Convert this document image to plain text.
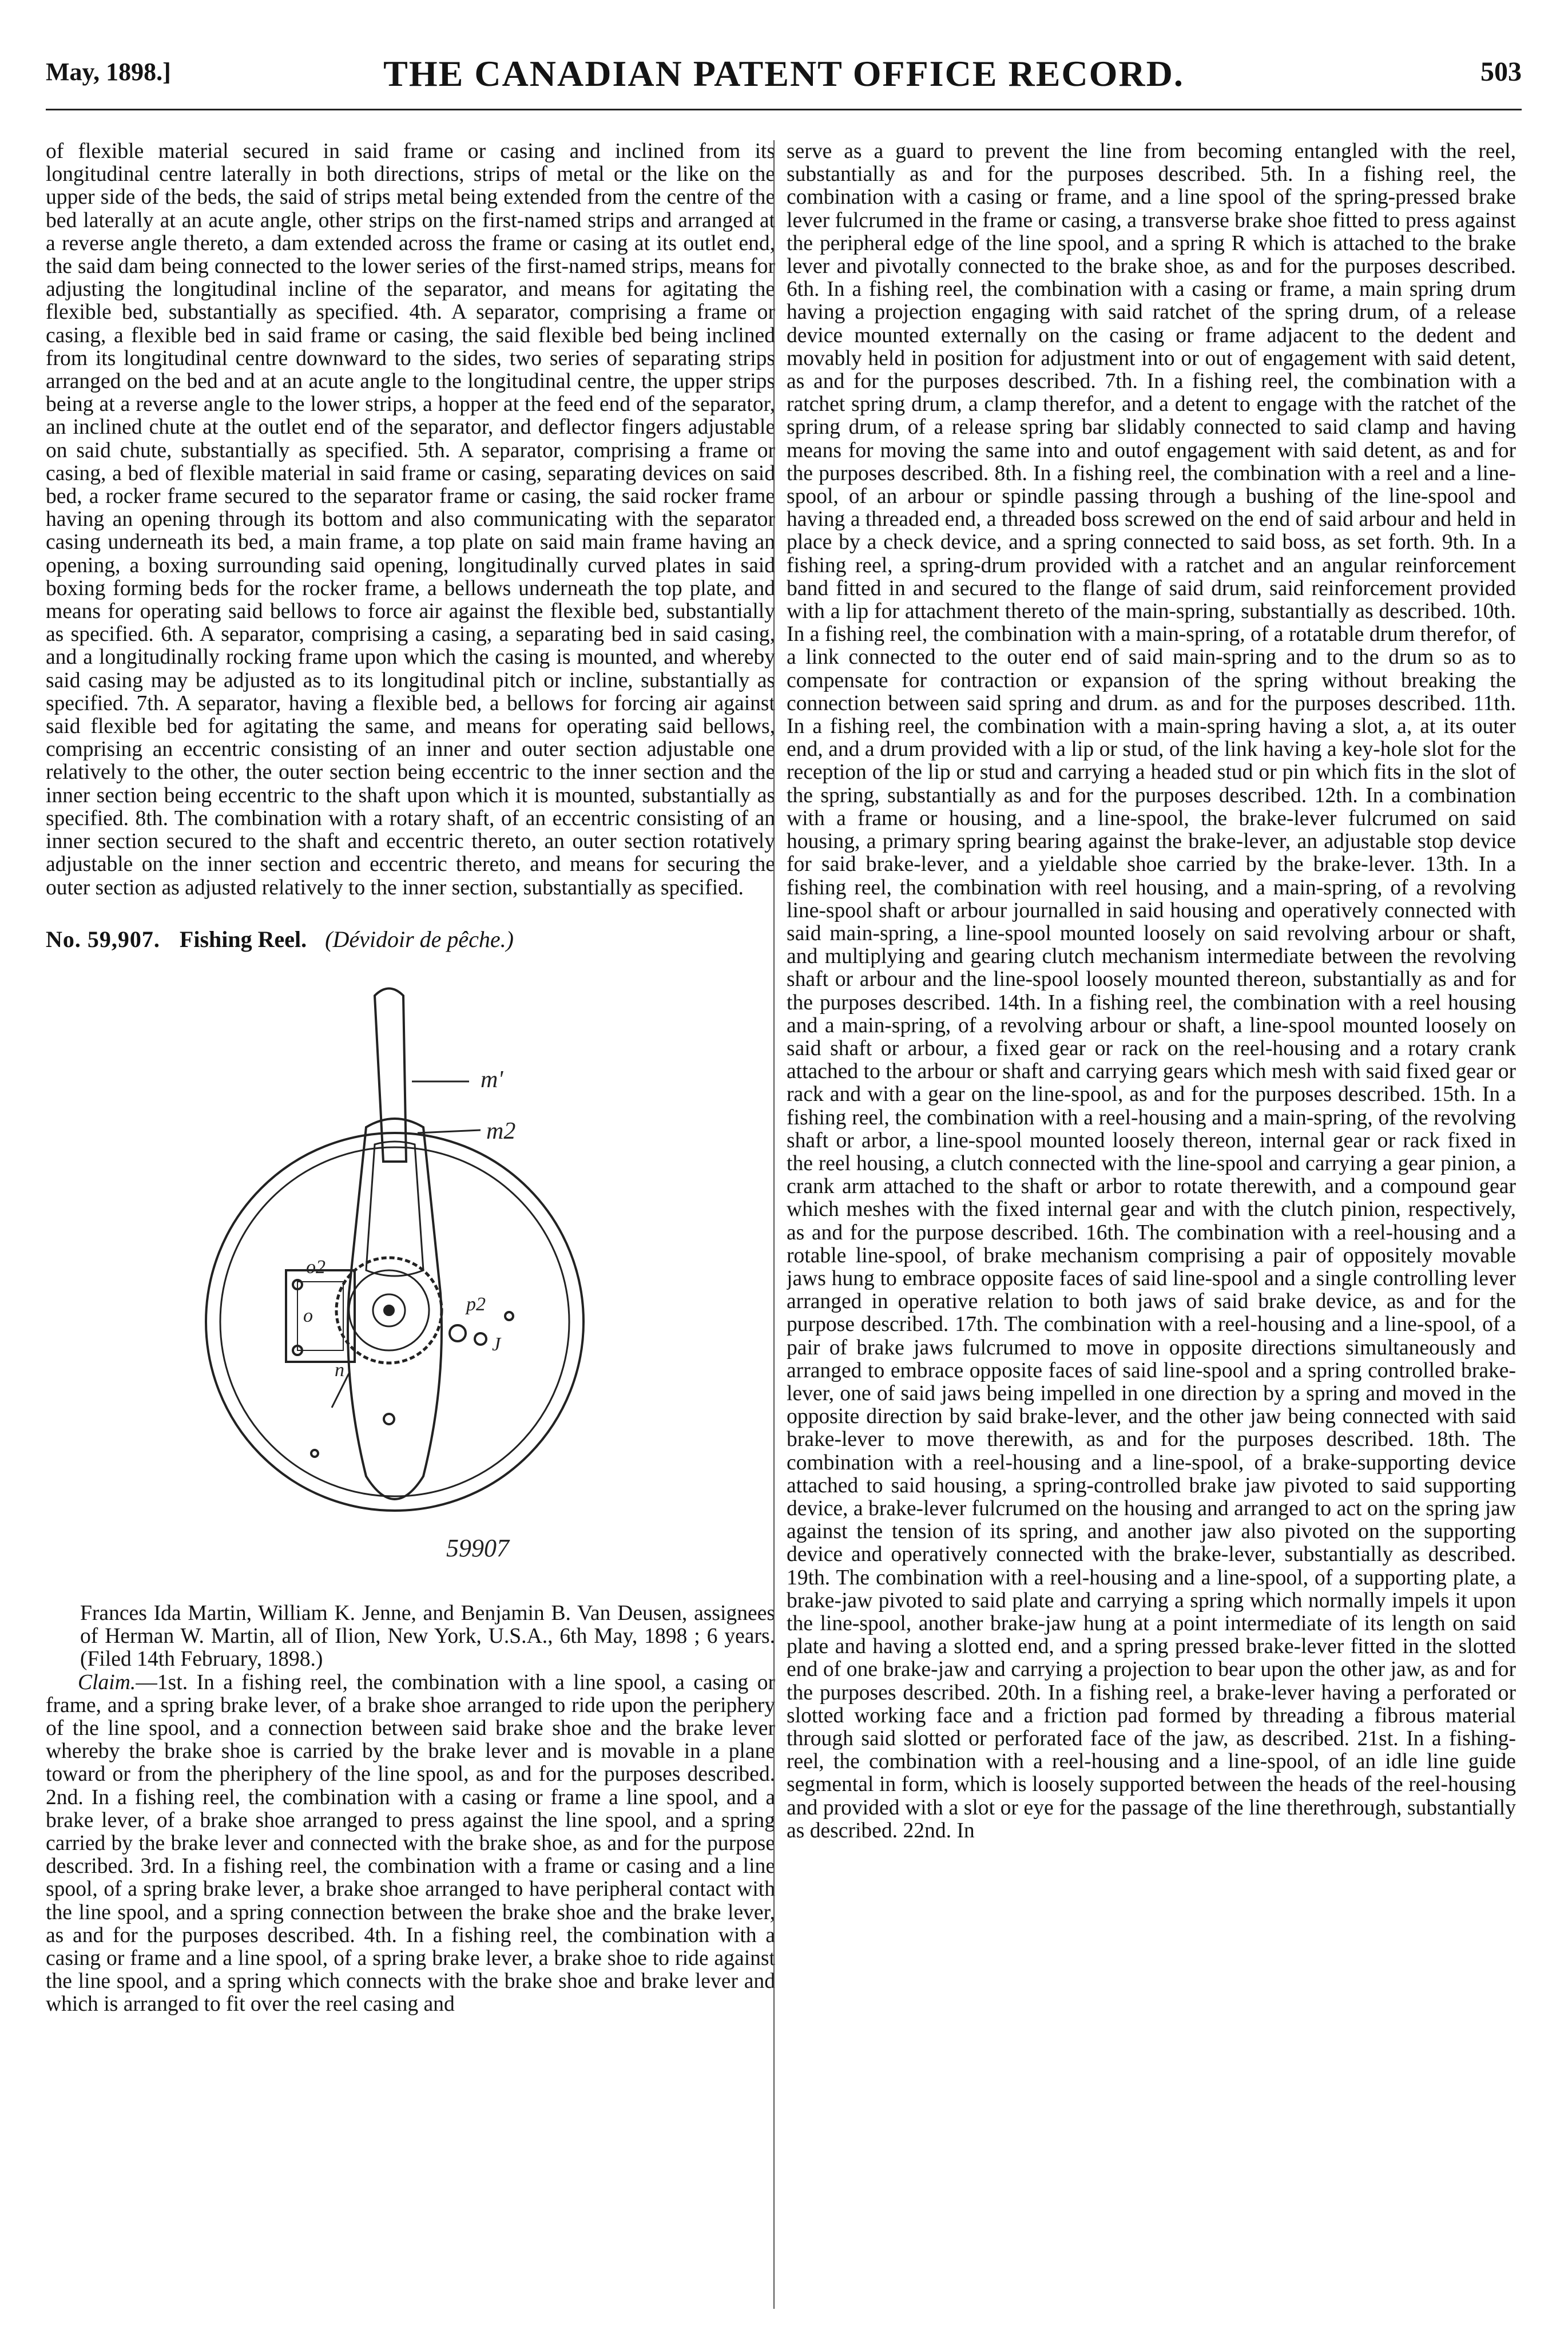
May, 1898.]	THE CANADIAN PATENT OFFICE RECORD.	503

of flexible material secured in said frame or casing and inclined from its longitudinal centre laterally in both directions, strips of metal or the like on the upper side of the beds, the said of strips metal being extended from the centre of the bed laterally at an acute angle, other strips on the first-named strips and arranged at a reverse angle thereto, a dam extended across the frame or casing at its outlet end, the said dam being connected to the lower series of the first-named strips, means for adjusting the longitudinal incline of the separator, and means for agitating the flexible bed, substantially as specified. 4th. A separator, comprising a frame or casing, a flexible bed in said frame or casing, the said flexible bed being inclined from its longitudinal centre downward to the sides, two series of separating strips arranged on the bed and at an acute angle to the longitudinal centre, the upper strips being at a reverse angle to the lower strips, a hopper at the feed end of the separator, an inclined chute at the outlet end of the separator, and deflector fingers adjustable on said chute, substantially as specified. 5th. A separator, comprising a frame or casing, a bed of flexible material in said frame or casing, separating devices on said bed, a rocker frame secured to the separator frame or casing, the said rocker frame having an opening through its bottom and also communicating with the separator casing underneath its bed, a main frame, a top plate on said main frame having an opening, a boxing surrounding said opening, longitudinally curved plates in said boxing forming beds for the rocker frame, a bellows underneath the top plate, and means for operating said bellows to force air against the flexible bed, substantially as specified. 6th. A separator, comprising a casing, a separating bed in said casing, and a longitudinally rocking frame upon which the casing is mounted, and whereby said casing may be adjusted as to its longitudinal pitch or incline, substantially as specified. 7th. A separator, having a flexible bed, a bellows for forcing air against said flexible bed for agitating the same, and means for operating said bellows, comprising an eccentric consisting of an inner and outer section adjustable one relatively to the other, the outer section being eccentric to the inner section and the inner section being eccentric to the shaft upon which it is mounted, substantially as specified. 8th. The combination with a rotary shaft, of an eccentric consisting of an inner section secured to the shaft and eccentric thereto, an outer section rotatively adjustable on the inner section and eccentric thereto, and means for securing the outer section as adjusted relatively to the inner section, substantially as specified.

No. 59,907. Fishing Reel. (Dévidoir de pêche.)
m'
m2
o2
p2
J
n
o
59907

Frances Ida Martin, William K. Jenne, and Benjamin B. Van Deusen, assignees of Herman W. Martin, all of Ilion, New York, U.S.A., 6th May, 1898 ; 6 years. (Filed 14th February, 1898.)

Claim.—1st. In a fishing reel, the combination with a line spool, a casing or frame, and a spring brake lever, of a brake shoe arranged to ride upon the periphery of the line spool, and a connection between said brake shoe and the brake lever whereby the brake shoe is carried by the brake lever and is movable in a plane toward or from the pheriphery of the line spool, as and for the purposes described. 2nd. In a fishing reel, the combination with a casing or frame a line spool, and a brake lever, of a brake shoe arranged to press against the line spool, and a spring carried by the brake lever and connected with the brake shoe, as and for the purpose described. 3rd. In a fishing reel, the combination with a frame or casing and a line spool, of a spring brake lever, a brake shoe arranged to have peripheral contact with the line spool, and a spring connection between the brake shoe and the brake lever, as and for the purposes described. 4th. In a fishing reel, the combination with a casing or frame and a line spool, of a spring brake lever, a brake shoe to ride against the line spool, and a spring which connects with the brake shoe and brake lever and which is arranged to fit over the reel casing and

serve as a guard to prevent the line from becoming entangled with the reel, substantially as and for the purposes described. 5th. In a fishing reel, the combination with a casing or frame, and a line spool of the spring-pressed brake lever fulcrumed in the frame or casing, a transverse brake shoe fitted to press against the peripheral edge of the line spool, and a spring R which is attached to the brake lever and pivotally connected to the brake shoe, as and for the purposes described. 6th. In a fishing reel, the combination with a casing or frame, a main spring drum having a projection engaging with said ratchet of the spring drum, of a release device mounted externally on the casing or frame adjacent to the dedent and movably held in position for adjustment into or out of engagement with said detent, as and for the purposes described. 7th. In a fishing reel, the combination with a ratchet spring drum, a clamp therefor, and a detent to engage with the ratchet of the spring drum, of a release spring bar slidably connected to said clamp and having means for moving the same into and outof engagement with said detent, as and for the purposes described. 8th. In a fishing reel, the combination with a reel and a line-spool, of an arbour or spindle passing through a bushing of the line-spool and having a threaded end, a threaded boss screwed on the end of said arbour and held in place by a check device, and a spring connected to said boss, as set forth. 9th. In a fishing reel, a spring-drum provided with a ratchet and an angular reinforcement band fitted in and secured to the flange of said drum, said reinforcement provided with a lip for attachment thereto of the main-spring, substantially as described. 10th. In a fishing reel, the combination with a main-spring, of a rotatable drum therefor, of a link connected to the outer end of said main-spring and to the drum so as to compensate for contraction or expansion of the spring without breaking the connection between said spring and drum. as and for the purposes described. 11th. In a fishing reel, the combination with a main-spring having a slot, a, at its outer end, and a drum provided with a lip or stud, of the link having a key-hole slot for the reception of the lip or stud and carrying a headed stud or pin which fits in the slot of the spring, substantially as and for the purposes described. 12th. In a combination with a frame or housing, and a line-spool, the brake-lever fulcrumed on said housing, a primary spring bearing against the brake-lever, an adjustable stop device for said brake-lever, and a yieldable shoe carried by the brake-lever. 13th. In a fishing reel, the combination with reel housing, and a main-spring, of a revolving line-spool shaft or arbour journalled in said housing and operatively connected with said main-spring, a line-spool mounted loosely on said revolving arbour or shaft, and multiplying and gearing clutch mechanism intermediate between the revolving shaft or arbour and the line-spool loosely mounted thereon, substantially as and for the purposes described. 14th. In a fishing reel, the combination with a reel housing and a main-spring, of a revolving arbour or shaft, a line-spool mounted loosely on said shaft or arbour, a fixed gear or rack on the reel-housing and a rotary crank attached to the arbour or shaft and carrying gears which mesh with said fixed gear or rack and with a gear on the line-spool, as and for the purposes described. 15th. In a fishing reel, the combination with a reel-housing and a main-spring, of the revolving shaft or arbor, a line-spool mounted loosely thereon, internal gear or rack fixed in the reel housing, a clutch connected with the line-spool and carrying a gear pinion, a crank arm attached to the shaft or arbor to rotate therewith, and a compound gear which meshes with the fixed internal gear and with the clutch pinion, respectively, as and for the purpose described. 16th. The combination with a reel-housing and a rotable line-spool, of brake mechanism comprising a pair of oppositely movable jaws hung to embrace opposite faces of said line-spool and a single controlling lever arranged in operative relation to both jaws of said brake device, as and for the purpose described. 17th. The combination with a reel-housing and a line-spool, of a pair of brake jaws fulcrumed to move in opposite directions simultaneously and arranged to embrace opposite faces of said line-spool and a spring controlled brake-lever, one of said jaws being impelled in one direction by a spring and moved in the opposite direction by said brake-lever, and the other jaw being connected with said brake-lever to move therewith, as and for the purposes described. 18th. The combination with a reel-housing and a line-spool, of a brake-supporting device attached to said housing, a spring-controlled brake jaw pivoted to said supporting device, a brake-lever fulcrumed on the housing and arranged to act on the spring jaw against the tension of its spring, and another jaw also pivoted on the supporting device and operatively connected with the brake-lever, substantially as described. 19th. The combination with a reel-housing and a line-spool, of a supporting plate, a brake-jaw pivoted to said plate and carrying a spring which normally impels it upon the line-spool, another brake-jaw hung at a point intermediate of its length on said plate and having a slotted end, and a spring pressed brake-lever fitted in the slotted end of one brake-jaw and carrying a projection to bear upon the other jaw, as and for the purposes described. 20th. In a fishing reel, a brake-lever having a perforated or slotted working face and a friction pad formed by threading a fibrous material through said slotted or perforated face of the jaw, as described. 21st. In a fishing-reel, the combination with a reel-housing and a line-spool, of an idle line guide segmental in form, which is loosely supported between the heads of the reel-housing and provided with a slot or eye for the passage of the line therethrough, substantially as described. 22nd. In
